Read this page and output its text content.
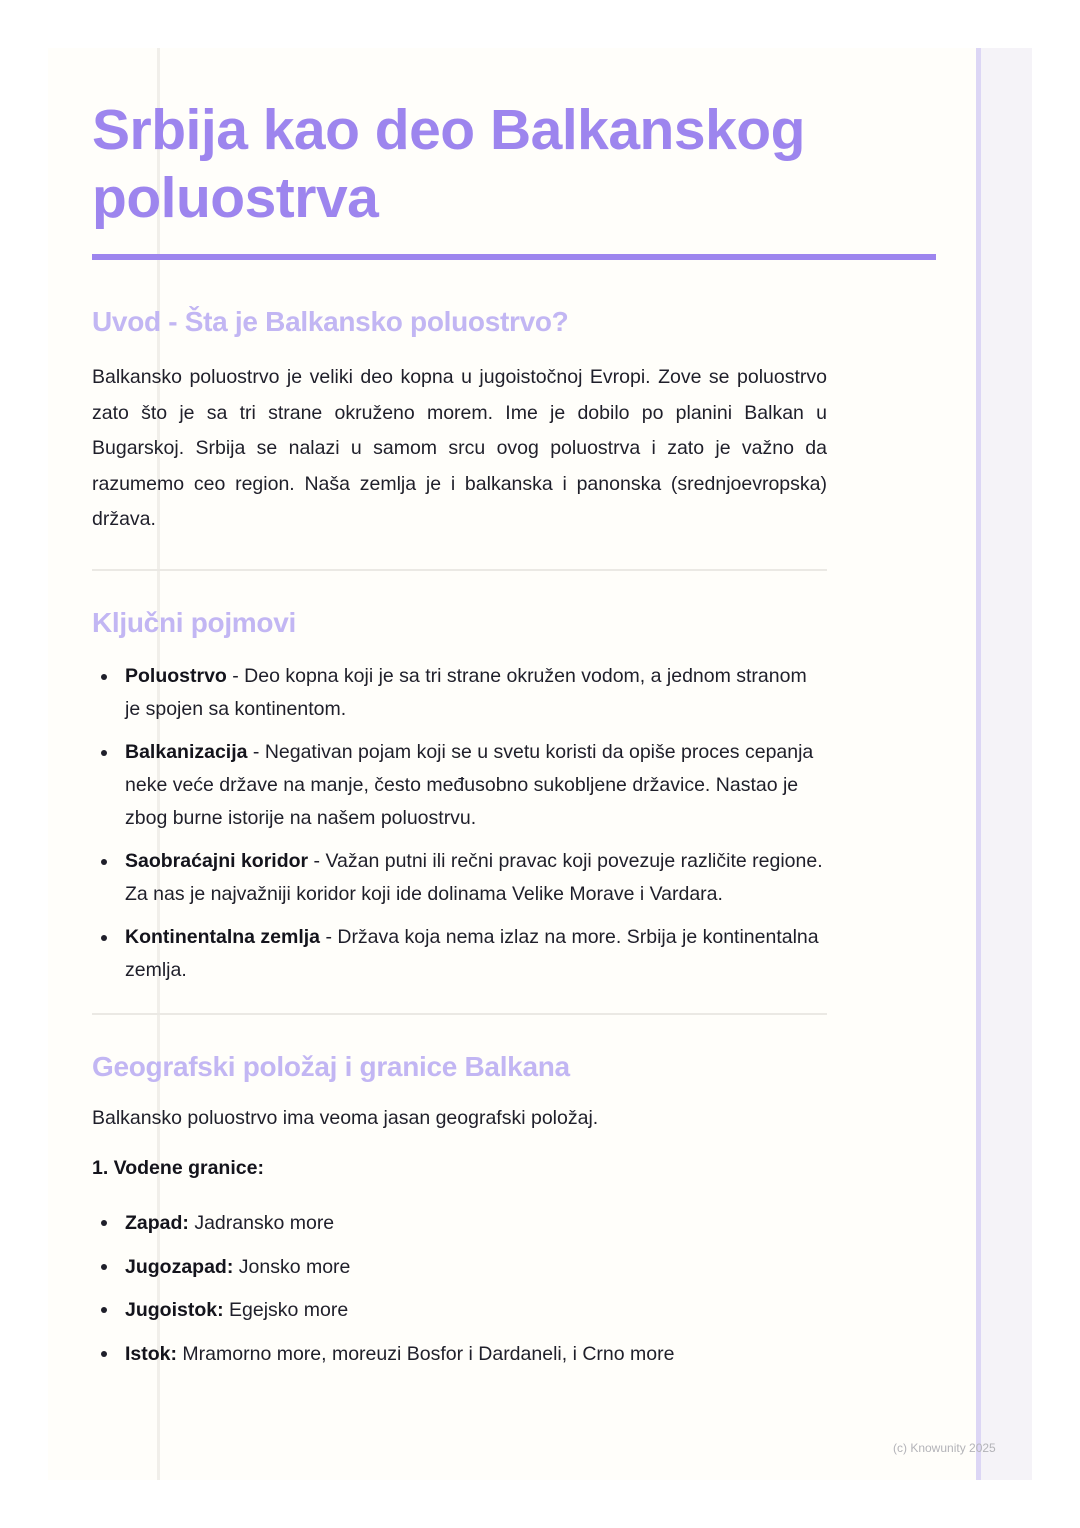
Srbija kao deo Balkanskog poluostrva
Uvod - Šta je Balkansko poluostrvo?

Balkansko poluostrvo je veliki deo kopna u jugoistočnoj Evropi. Zove se poluostrvo zato što je sa tri strane okruženo morem. Ime je dobilo po planini Balkan u Bugarskoj. Srbija se nalazi u samom srcu ovog poluostrva i zato je važno da razumemo ceo region. Naša zemlja je i balkanska i panonska (srednjoevropska) država.

Ključni pojmovi
Poluostrvo - Deo kopna koji je sa tri strane okružen vodom, a jednom stranom je spojen sa kontinentom.
Balkanizacija - Negativan pojam koji se u svetu koristi da opiše proces cepanja neke veće države na manje, često međusobno sukobljene državice. Nastao je zbog burne istorije na našem poluostrvu.
Saobraćajni koridor - Važan putni ili rečni pravac koji povezuje različite regione. Za nas je najvažniji koridor koji ide dolinama Velike Morave i Vardara.
Kontinentalna zemlja - Država koja nema izlaz na more. Srbija je kontinentalna zemlja.
Geografski položaj i granice Balkana

Balkansko poluostrvo ima veoma jasan geografski položaj.

1. Vodene granice:

Zapad: Jadransko more
Jugozapad: Jonsko more
Jugoistok: Egejsko more
Istok: Mramorno more, moreuzi Bosfor i Dardaneli, i Crno more
(c) Knowunity 2025
